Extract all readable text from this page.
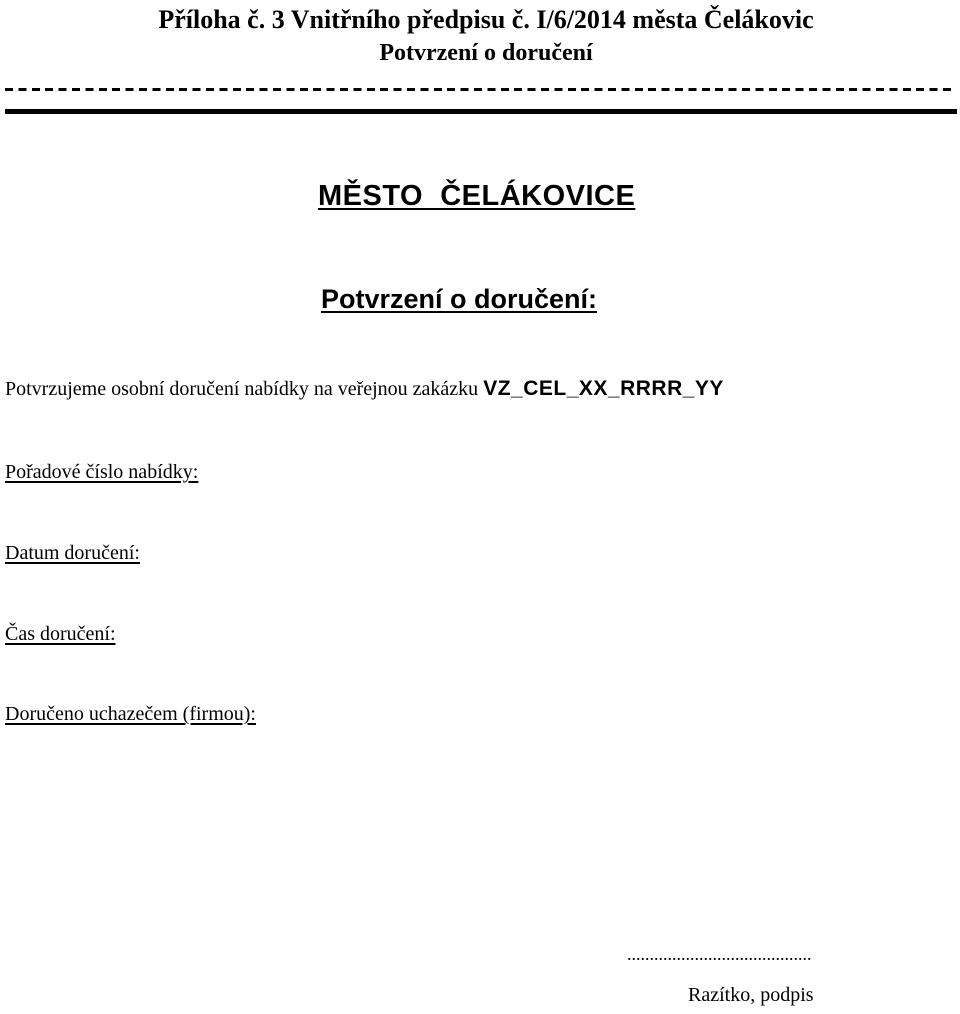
Příloha č. 3 Vnitřního předpisu č. I/6/2014 města Čelákovic
Potvrzení o doručení
MĚSTO  ČELÁKOVICE
Potvrzení o doručení:
Potvrzujeme osobní doručení nabídky na veřejnou zakázku VZ_CEL_XX_RRRR_YY
Pořadové číslo nabídky:
Datum doručení:
Čas doručení:
Doručeno uchazečem (firmou):
.........................................
Razítko, podpis
